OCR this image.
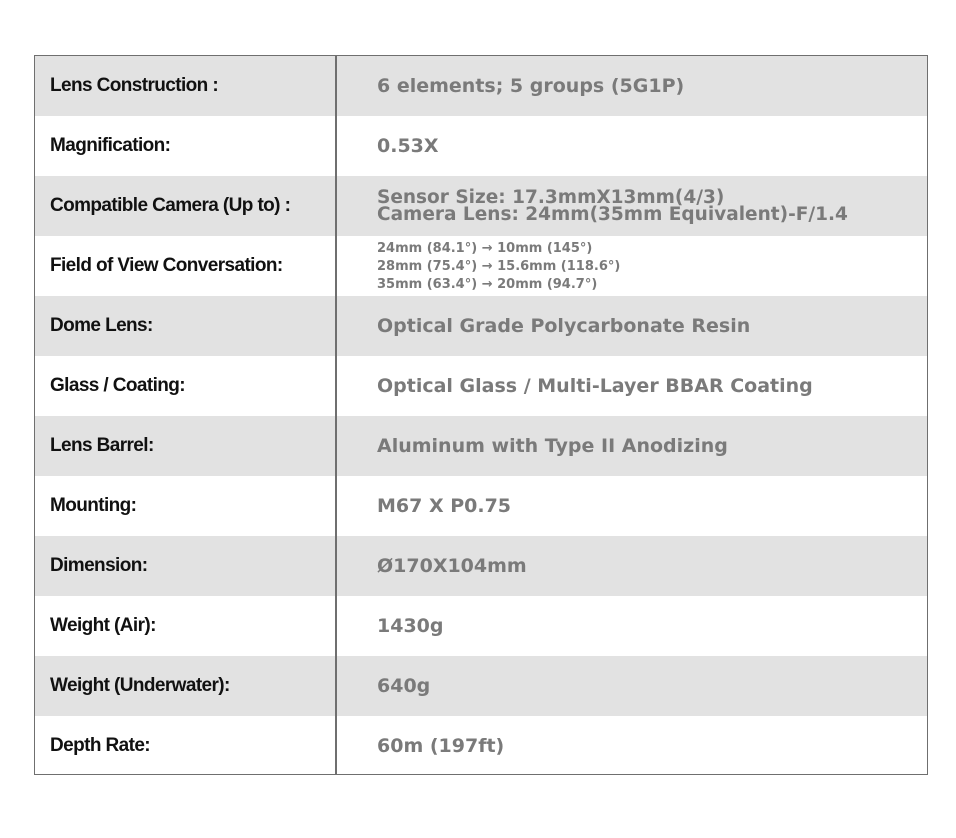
Lens Construction :	6 elements; 5 groups (5G1P)
Magnification:	0.53X
Compatible Camera (Up to) :	Sensor Size: 17.3mmX13mm(4/3)
Camera Lens: 24mm(35mm Equivalent)-F/1.4
Field of View Conversation:
24mm (84.1°) → 10mm (145°)
28mm (75.4°) → 15.6mm (118.6°)
35mm (63.4°) → 20mm (94.7°)
Dome Lens:	Optical Grade Polycarbonate Resin
Glass / Coating:	Optical Glass / Multi-Layer BBAR Coating
Lens Barrel:	Aluminum with Type II Anodizing
Mounting:	M67 X P0.75
Dimension:	Ø170X104mm
Weight (Air):	1430g
Weight (Underwater):	640g
Depth Rate:	60m (197ft)
